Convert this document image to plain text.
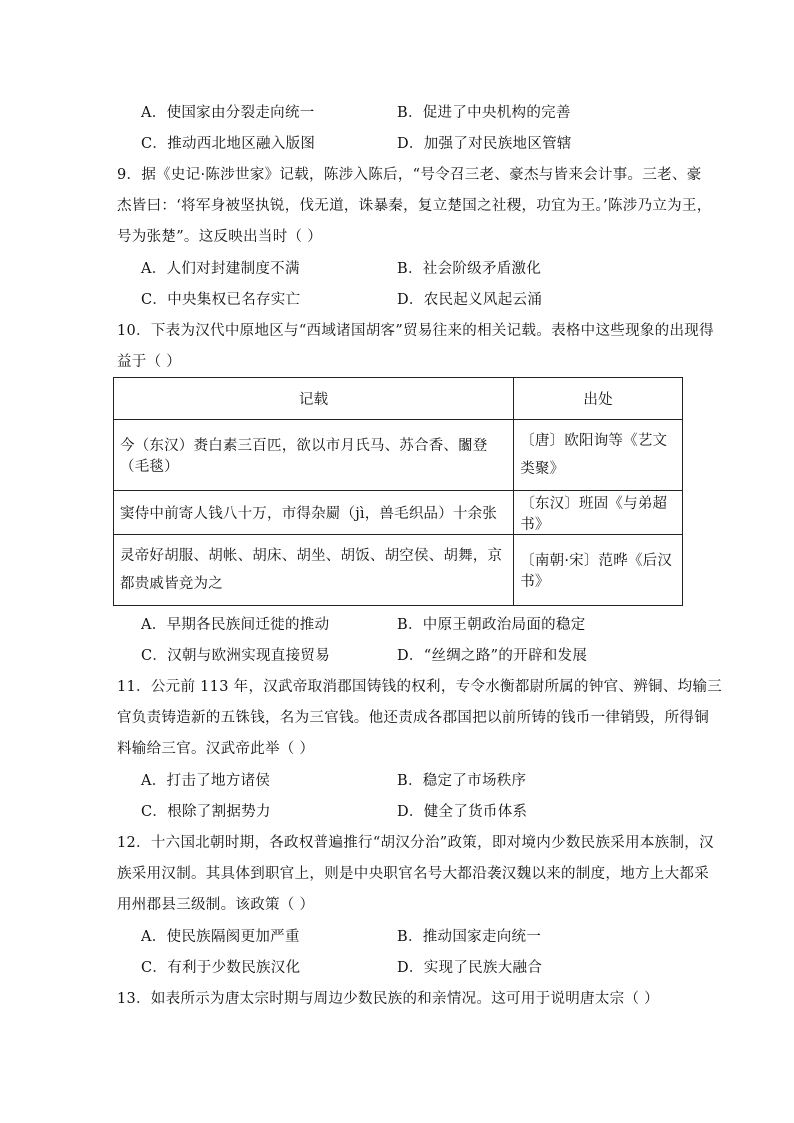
A．使国家由分裂走向统一	B．促进了中央机构的完善
C．推动西北地区融入版图	D．加强了对民族地区管辖
9．据《史记·陈涉世家》记载，陈涉入陈后，“号令召三老、豪杰与皆来会计事。三老、豪
杰皆曰：‘将军身被坚执锐，伐无道，诛暴秦，复立楚国之社稷，功宜为王。’陈涉乃立为王，
号为张楚”。这反映出当时（ ）
A．人们对封建制度不满	B．社会阶级矛盾激化
C．中央集权已名存实亡	D．农民起义风起云涌
10．下表为汉代中原地区与“西域诸国胡客”贸易往来的相关记载。表格中这些现象的出现得
益于（ ）
记载	出处
今（东汉）赉白素三百匹，欲以市月氏马、苏合香、闟登（毛毯）	〔唐〕欧阳询等《艺文类聚》

窦侍中前寄人钱八十万，市得杂罽（jì，兽毛织品）十余张	〔东汉〕班固《与弟超书》

灵帝好胡服、胡帐、胡床、胡坐、胡饭、胡空侯、胡舞，京都贵戚皆竞为之	〔南朝·宋〕范晔《后汉书》
A．早期各民族间迁徙的推动	B．中原王朝政治局面的稳定
C．汉朝与欧洲实现直接贸易	D．“丝绸之路”的开辟和发展
11．公元前 113 年，汉武帝取消郡国铸钱的权利，专令水衡都尉所属的钟官、辨铜、均输三
官负责铸造新的五铢钱，名为三官钱。他还责成各郡国把以前所铸的钱币一律销毁，所得铜
料输给三官。汉武帝此举（ ）
A．打击了地方诸侯	B．稳定了市场秩序
C．根除了割据势力	D．健全了货币体系
12．十六国北朝时期，各政权普遍推行“胡汉分治”政策，即对境内少数民族采用本族制，汉
族采用汉制。其具体到职官上，则是中央职官名号大都沿袭汉魏以来的制度，地方上大都采
用州郡县三级制。该政策（ ）
A．使民族隔阂更加严重	B．推动国家走向统一
C．有利于少数民族汉化	D．实现了民族大融合
13．如表所示为唐太宗时期与周边少数民族的和亲情况。这可用于说明唐太宗（ ）
